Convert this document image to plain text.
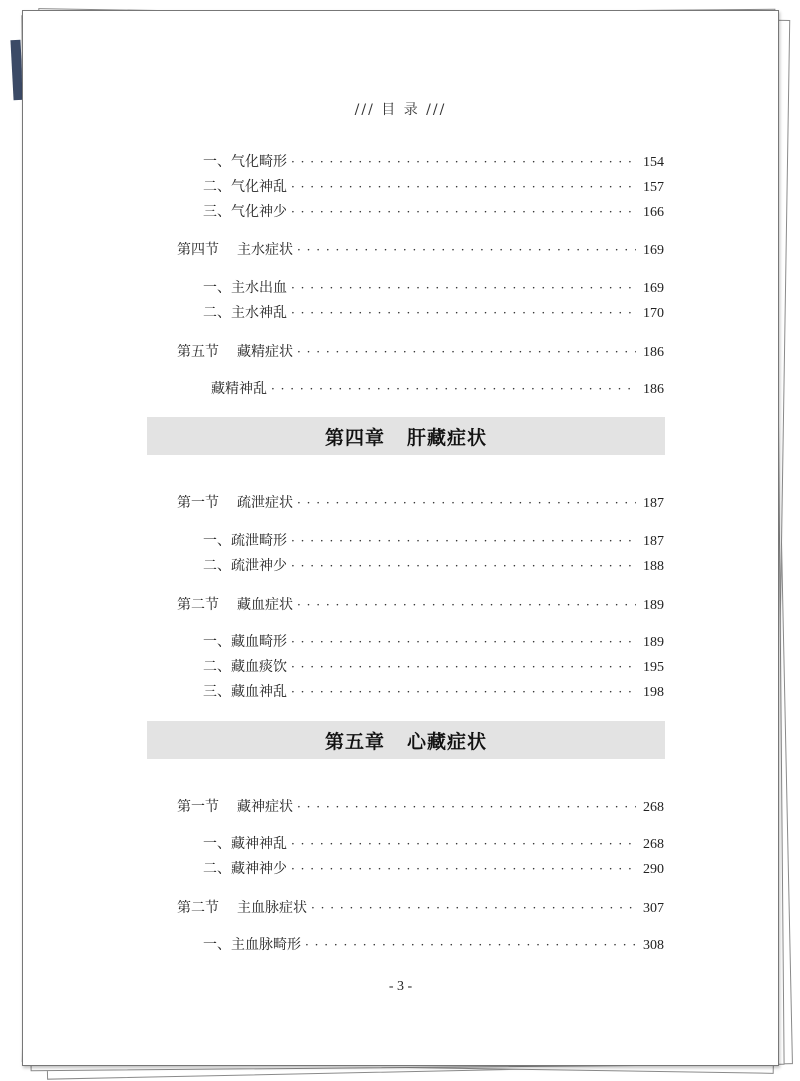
/// 目 录 ///
一、气化畸形 · · ·	154
二、气化神乱 · · ·	157
三、气化神少 · · ·	166
第四节 主水症状 · · ·	169
一、主水出血 · · ·	169
二、主水神乱 · · ·	170
第五节 藏精症状 · · ·	186
藏精神乱 · · ·	186
第四章 肝藏症状
第一节 疏泄症状 · · ·	187
一、疏泄畸形 · · ·	187
二、疏泄神少 · · ·	188
第二节 藏血症状 · · ·	189
一、藏血畸形 · · ·	189
二、藏血痰饮 · · ·	195
三、藏血神乱 · · ·	198
第五章 心藏症状
第一节 藏神症状 · · ·	268
一、藏神神乱 · · ·	268
二、藏神神少 · · ·	290
第二节 主血脉症状 · · ·	307
一、主血脉畸形 · · ·	308
- 3 -
